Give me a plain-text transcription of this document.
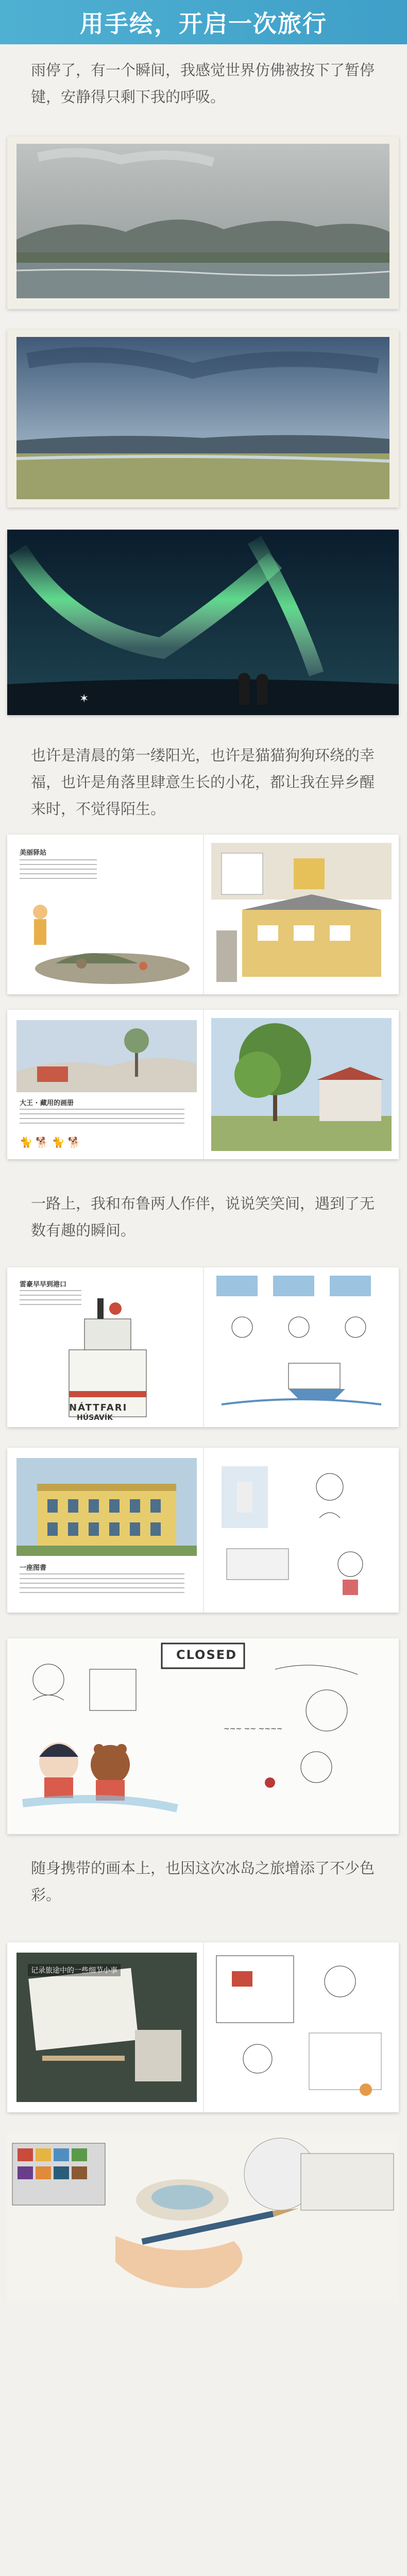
用手绘，开启一次旅行
雨停了，有一个瞬间，我感觉世界仿佛被按下了暂停键，安静得只剩下我的呼吸。
✶
也许是清晨的第一缕阳光，也许是猫猫狗狗环绕的幸福，也许是角落里肆意生长的小花，都让我在异乡醒来时，不觉得陌生。
美丽驿站
大王 · 藏用的画册
🐈 🐕 🐈 🐕
一路上，我和布鲁两人作伴，说说笑笑间，遇到了无数有趣的瞬间。
雷豪早早到港口
NÁTTFARI
HÚSAVÍK
一座图書
~~~ ~~ ~~~~
CLOSED
随身携带的画本上，也因这次冰岛之旅增添了不少色彩。
记录旅途中的一些细节小事
